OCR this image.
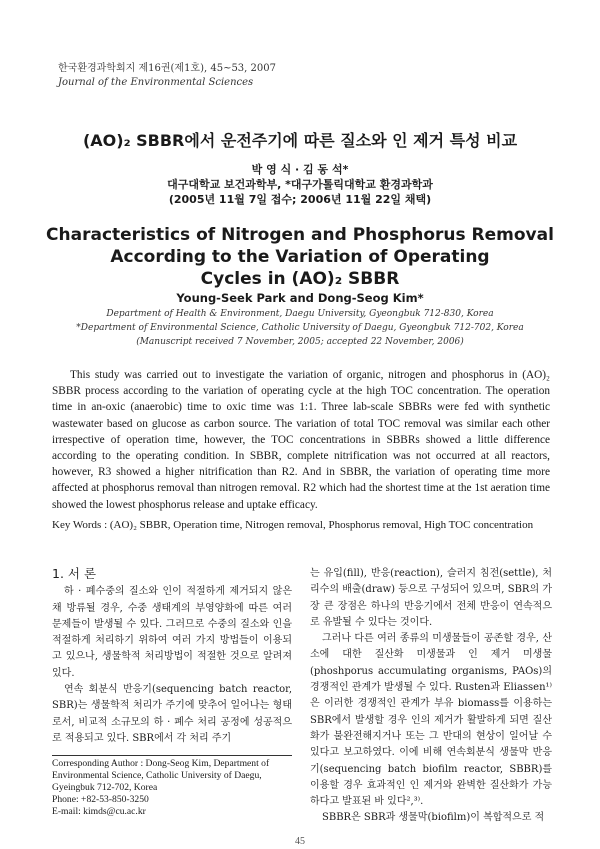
한국환경과학회지 제16권(제1호), 45~53, 2007
Journal of the Environmental Sciences
(AO)₂ SBBR에서 운전주기에 따른 질소와 인 제거 특성 비교
박 영 식 · 김 동 석*
대구대학교 보건과학부, *대구가톨릭대학교 환경과학과
(2005년 11월 7일 접수; 2006년 11월 22일 채택)
Characteristics of Nitrogen and Phosphorus Removal
According to the Variation of Operating
Cycles in (AO)₂ SBBR
Young-Seek Park and Dong-Seog Kim*
Department of Health & Environment, Daegu University, Gyeongbuk 712-830, Korea
*Department of Environmental Science, Catholic University of Daegu, Gyeongbuk 712-702, Korea
(Manuscript received 7 November, 2005; accepted 22 November, 2006)
This study was carried out to investigate the variation of organic, nitrogen and phosphorus in (AO)₂ SBBR process according to the variation of operating cycle at the high TOC concentration. The operation time in an-oxic (anaerobic) time to oxic time was 1:1. Three lab-scale SBBRs were fed with synthetic wastewater based on glucose as carbon source. The variation of total TOC removal was similar each other irrespective of operation time, however, the TOC concentrations in SBBRs showed a little difference according to the operating condition. In SBBR, complete nitrification was not occurred at all reactors, however, R3 showed a higher nitrification than R2. And in SBBR, the variation of operating time more affected at phosphorus removal than nitrogen removal. R2 which had the shortest time at the 1st aeration time showed the lowest phosphorus release and uptake efficacy.
Key Words : (AO)₂ SBBR, Operation time, Nitrogen removal, Phosphorus removal, High TOC concentration
1. 서 론

하 · 폐수중의 질소와 인이 적절하게 제거되지 않은 채 방류될 경우, 수중 생태계의 부영양화에 따른 여러 문제들이 발생될 수 있다. 그러므로 수중의 질소와 인을 적절하게 처리하기 위하여 여러 가지 방법들이 이용되고 있으나, 생물학적 처리방법이 적절한 것으로 알려져 있다.

연속 회분식 반응기(sequencing batch reactor, SBR)는 생물학적 처리가 주기에 맞추어 일어나는 형태로서, 비교적 소규모의 하 · 폐수 처리 공정에 성공적으로 적용되고 있다. SBR에서 각 처리 주기

는 유입(fill), 반응(reaction), 슬러지 침전(settle), 처리수의 배출(draw) 등으로 구성되어 있으며, SBR의 가장 큰 장점은 하나의 반응기에서 전체 반응이 연속적으로 유발될 수 있다는 것이다.

그러나 다른 여러 종류의 미생물들이 공존할 경우, 산소에 대한 질산화 미생물과 인 제거 미생물(phoshporus accumulating organisms, PAOs)의 경쟁적인 관계가 발생될 수 있다. Rusten과 Eliassen¹⁾은 이러한 경쟁적인 관계가 부유 biomass를 이용하는 SBR에서 발생할 경우 인의 제거가 활발하게 되면 질산화가 불완전해지거나 또는 그 반대의 현상이 일어날 수 있다고 보고하였다. 이에 비해 연속회분식 생물막 반응기(sequencing batch biofilm reactor, SBBR)를 이용할 경우 효과적인 인 제거와 완벽한 질산화가 가능하다고 발표된 바 있다²,³⁾.

SBBR은 SBR과 생물막(biofilm)이 복합적으로 적

Corresponding Author : Dong-Seog Kim, Department of Environmental Science, Catholic University of Daegu, Gyeingbuk 712-702, Korea
Phone: +82-53-850-3250
E-mail: kimds@cu.ac.kr
45
